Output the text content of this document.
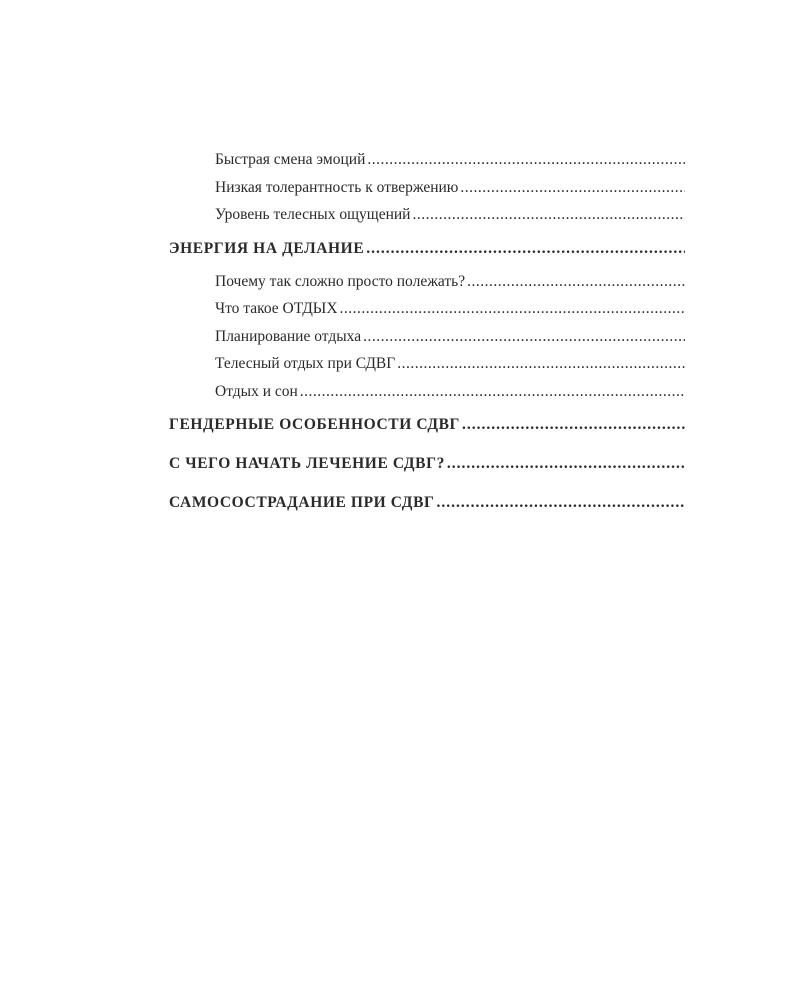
Быстрая смена эмоций
.....
Низкая толерантность к отвержению
.....
Уровень телесных ощущений
.....
ЭНЕРГИЯ НА ДЕЛАНИЕ
.....
Почему так сложно просто полежать?
.....
Что такое ОТДЫХ
.....
Планирование отдыха
.....
Телесный отдых при СДВГ
.....
Отдых и сон
.....
ГЕНДЕРНЫЕ ОСОБЕННОСТИ СДВГ
.....
С ЧЕГО НАЧАТЬ ЛЕЧЕНИЕ СДВГ?
.....
САМОСОСТРАДАНИЕ ПРИ СДВГ
.....
